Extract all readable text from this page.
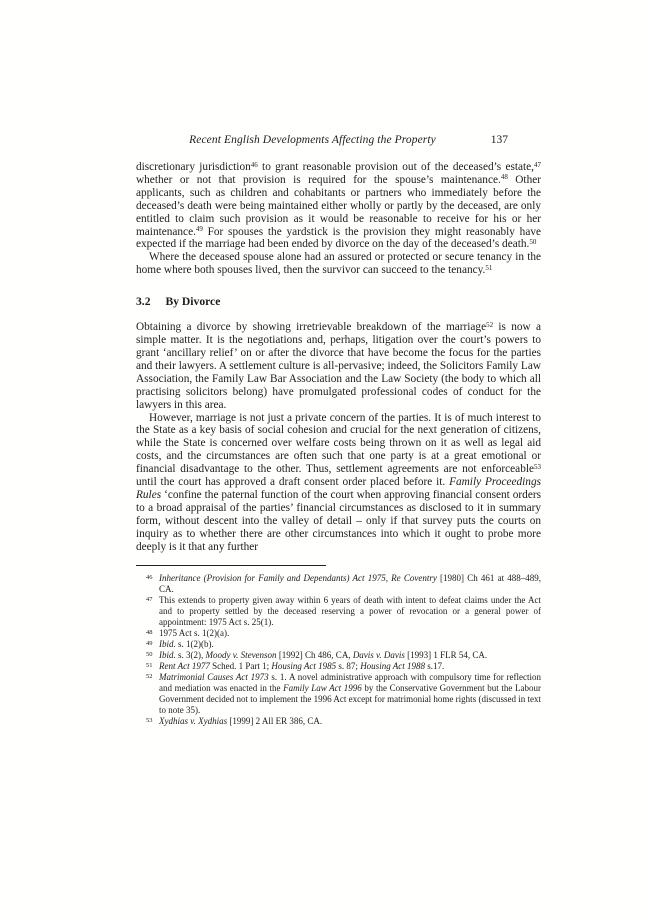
Recent English Developments Affecting the Property	137

discretionary jurisdiction$^{46}$ to grant reasonable provision out of the deceased’s estate,$^{47}$ whether or not that provision is required for the spouse’s maintenance.$^{48}$ Other applicants, such as children and cohabitants or partners who immediately before the deceased’s death were being maintained either wholly or partly by the deceased, are only entitled to claim such provision as it would be reasonable to receive for his or her maintenance.$^{49}$ For spouses the yardstick is the provision they might reasonably have expected if the marriage had been ended by divorce on the day of the deceased’s death.$^{50}$

Where the deceased spouse alone had an assured or protected or secure tenancy in the home where both spouses lived, then the survivor can succeed to the tenancy.$^{51}$

3.2 By Divorce

Obtaining a divorce by showing irretrievable breakdown of the marriage$^{52}$ is now a simple matter. It is the negotiations and, perhaps, litigation over the court’s powers to grant ‘ancillary relief’ on or after the divorce that have become the focus for the parties and their lawyers. A settlement culture is all-pervasive; indeed, the Solicitors Family Law Association, the Family Law Bar Association and the Law Society (the body to which all practising solicitors belong) have promulgated professional codes of conduct for the lawyers in this area.

However, marriage is not just a private concern of the parties. It is of much interest to the State as a key basis of social cohesion and crucial for the next generation of citizens, while the State is concerned over welfare costs being thrown on it as well as legal aid costs, and the circumstances are often such that one party is at a great emotional or financial disadvantage to the other. Thus, settlement agreements are not enforceable$^{53}$ until the court has approved a draft consent order placed before it. Family Proceedings Rules ‘confine the paternal function of the court when approving financial consent orders to a broad appraisal of the parties’ financial circumstances as disclosed to it in summary form, without descent into the valley of detail – only if that survey puts the courts on inquiry as to whether there are other circumstances into which it ought to probe more deeply is it that any further

46 Inheritance (Provision for Family and Dependants) Act 1975, Re Coventry [1980] Ch 461 at 488–489, CA.
47 This extends to property given away within 6 years of death with intent to defeat claims under the Act and to property settled by the deceased reserving a power of revocation or a general power of appointment: 1975 Act s. 25(1).
48 1975 Act s. 1(2)(a).
49 Ibid. s. 1(2)(b).
50 Ibid. s. 3(2), Moody v. Stevenson [1992] Ch 486, CA, Davis v. Davis [1993] 1 FLR 54, CA.
51 Rent Act 1977 Sched. 1 Part 1; Housing Act 1985 s. 87; Housing Act 1988 s.17.
52 Matrimonial Causes Act 1973 s. 1. A novel administrative approach with compulsory time for reflection and mediation was enacted in the Family Law Act 1996 by the Conservative Government but the Labour Government decided not to implement the 1996 Act except for matrimonial home rights (discussed in text to note 35).
53 Xydhias v. Xydhias [1999] 2 All ER 386, CA.
